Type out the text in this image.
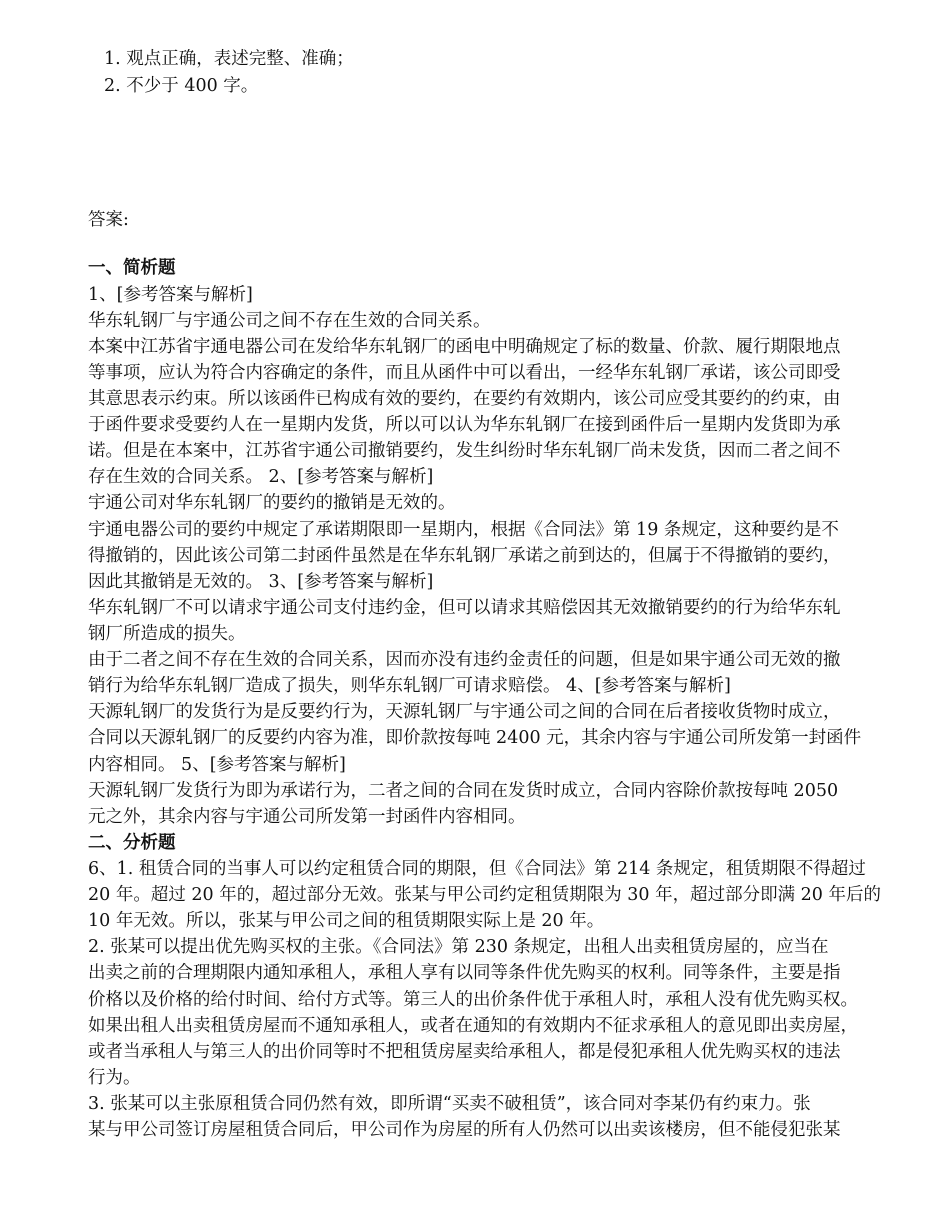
1. 观点正确，表述完整、准确；
2. 不少于 400 字。
答案:
一、简析题
1、[参考答案与解析]
华东轧钢厂与宇通公司之间不存在生效的合同关系。
本案中江苏省宇通电器公司在发给华东轧钢厂的函电中明确规定了标的数量、价款、履行期限地点
等事项，应认为符合内容确定的条件，而且从函件中可以看出，一经华东轧钢厂承诺，该公司即受
其意思表示约束。所以该函件已构成有效的要约，在要约有效期内，该公司应受其要约的约束，由
于函件要求受要约人在一星期内发货，所以可以认为华东轧钢厂在接到函件后一星期内发货即为承
诺。但是在本案中，江苏省宇通公司撤销要约，发生纠纷时华东轧钢厂尚未发货，因而二者之间不
存在生效的合同关系。 2、[参考答案与解析]
宇通公司对华东轧钢厂的要约的撤销是无效的。
宇通电器公司的要约中规定了承诺期限即一星期内，根据《合同法》第 19 条规定，这种要约是不
得撤销的，因此该公司第二封函件虽然是在华东轧钢厂承诺之前到达的，但属于不得撤销的要约，
因此其撤销是无效的。 3、[参考答案与解析]
华东轧钢厂不可以请求宇通公司支付违约金，但可以请求其赔偿因其无效撤销要约的行为给华东轧
钢厂所造成的损失。
由于二者之间不存在生效的合同关系，因而亦没有违约金责任的问题，但是如果宇通公司无效的撤
销行为给华东轧钢厂造成了损失，则华东轧钢厂可请求赔偿。 4、[参考答案与解析]
天源轧钢厂的发货行为是反要约行为，天源轧钢厂与宇通公司之间的合同在后者接收货物时成立，
合同以天源轧钢厂的反要约内容为准，即价款按每吨 2400 元，其余内容与宇通公司所发第一封函件
内容相同。 5、[参考答案与解析]
天源轧钢厂发货行为即为承诺行为，二者之间的合同在发货时成立，合同内容除价款按每吨 2050
元之外，其余内容与宇通公司所发第一封函件内容相同。
二、分析题
6、1. 租赁合同的当事人可以约定租赁合同的期限，但《合同法》第 214 条规定，租赁期限不得超过
20 年。超过 20 年的，超过部分无效。张某与甲公司约定租赁期限为 30 年，超过部分即满 20 年后的
10 年无效。所以，张某与甲公司之间的租赁期限实际上是 20 年。
2. 张某可以提出优先购买权的主张。《合同法》第 230 条规定，出租人出卖租赁房屋的，应当在
出卖之前的合理期限内通知承租人，承租人享有以同等条件优先购买的权利。同等条件，主要是指
价格以及价格的给付时间、给付方式等。第三人的出价条件优于承租人时，承租人没有优先购买权。
如果出租人出卖租赁房屋而不通知承租人，或者在通知的有效期内不征求承租人的意见即出卖房屋，
或者当承租人与第三人的出价同等时不把租赁房屋卖给承租人，都是侵犯承租人优先购买权的违法
行为。
3. 张某可以主张原租赁合同仍然有效，即所谓“买卖不破租赁”，该合同对李某仍有约束力。张
某与甲公司签订房屋租赁合同后，甲公司作为房屋的所有人仍然可以出卖该楼房，但不能侵犯张某
